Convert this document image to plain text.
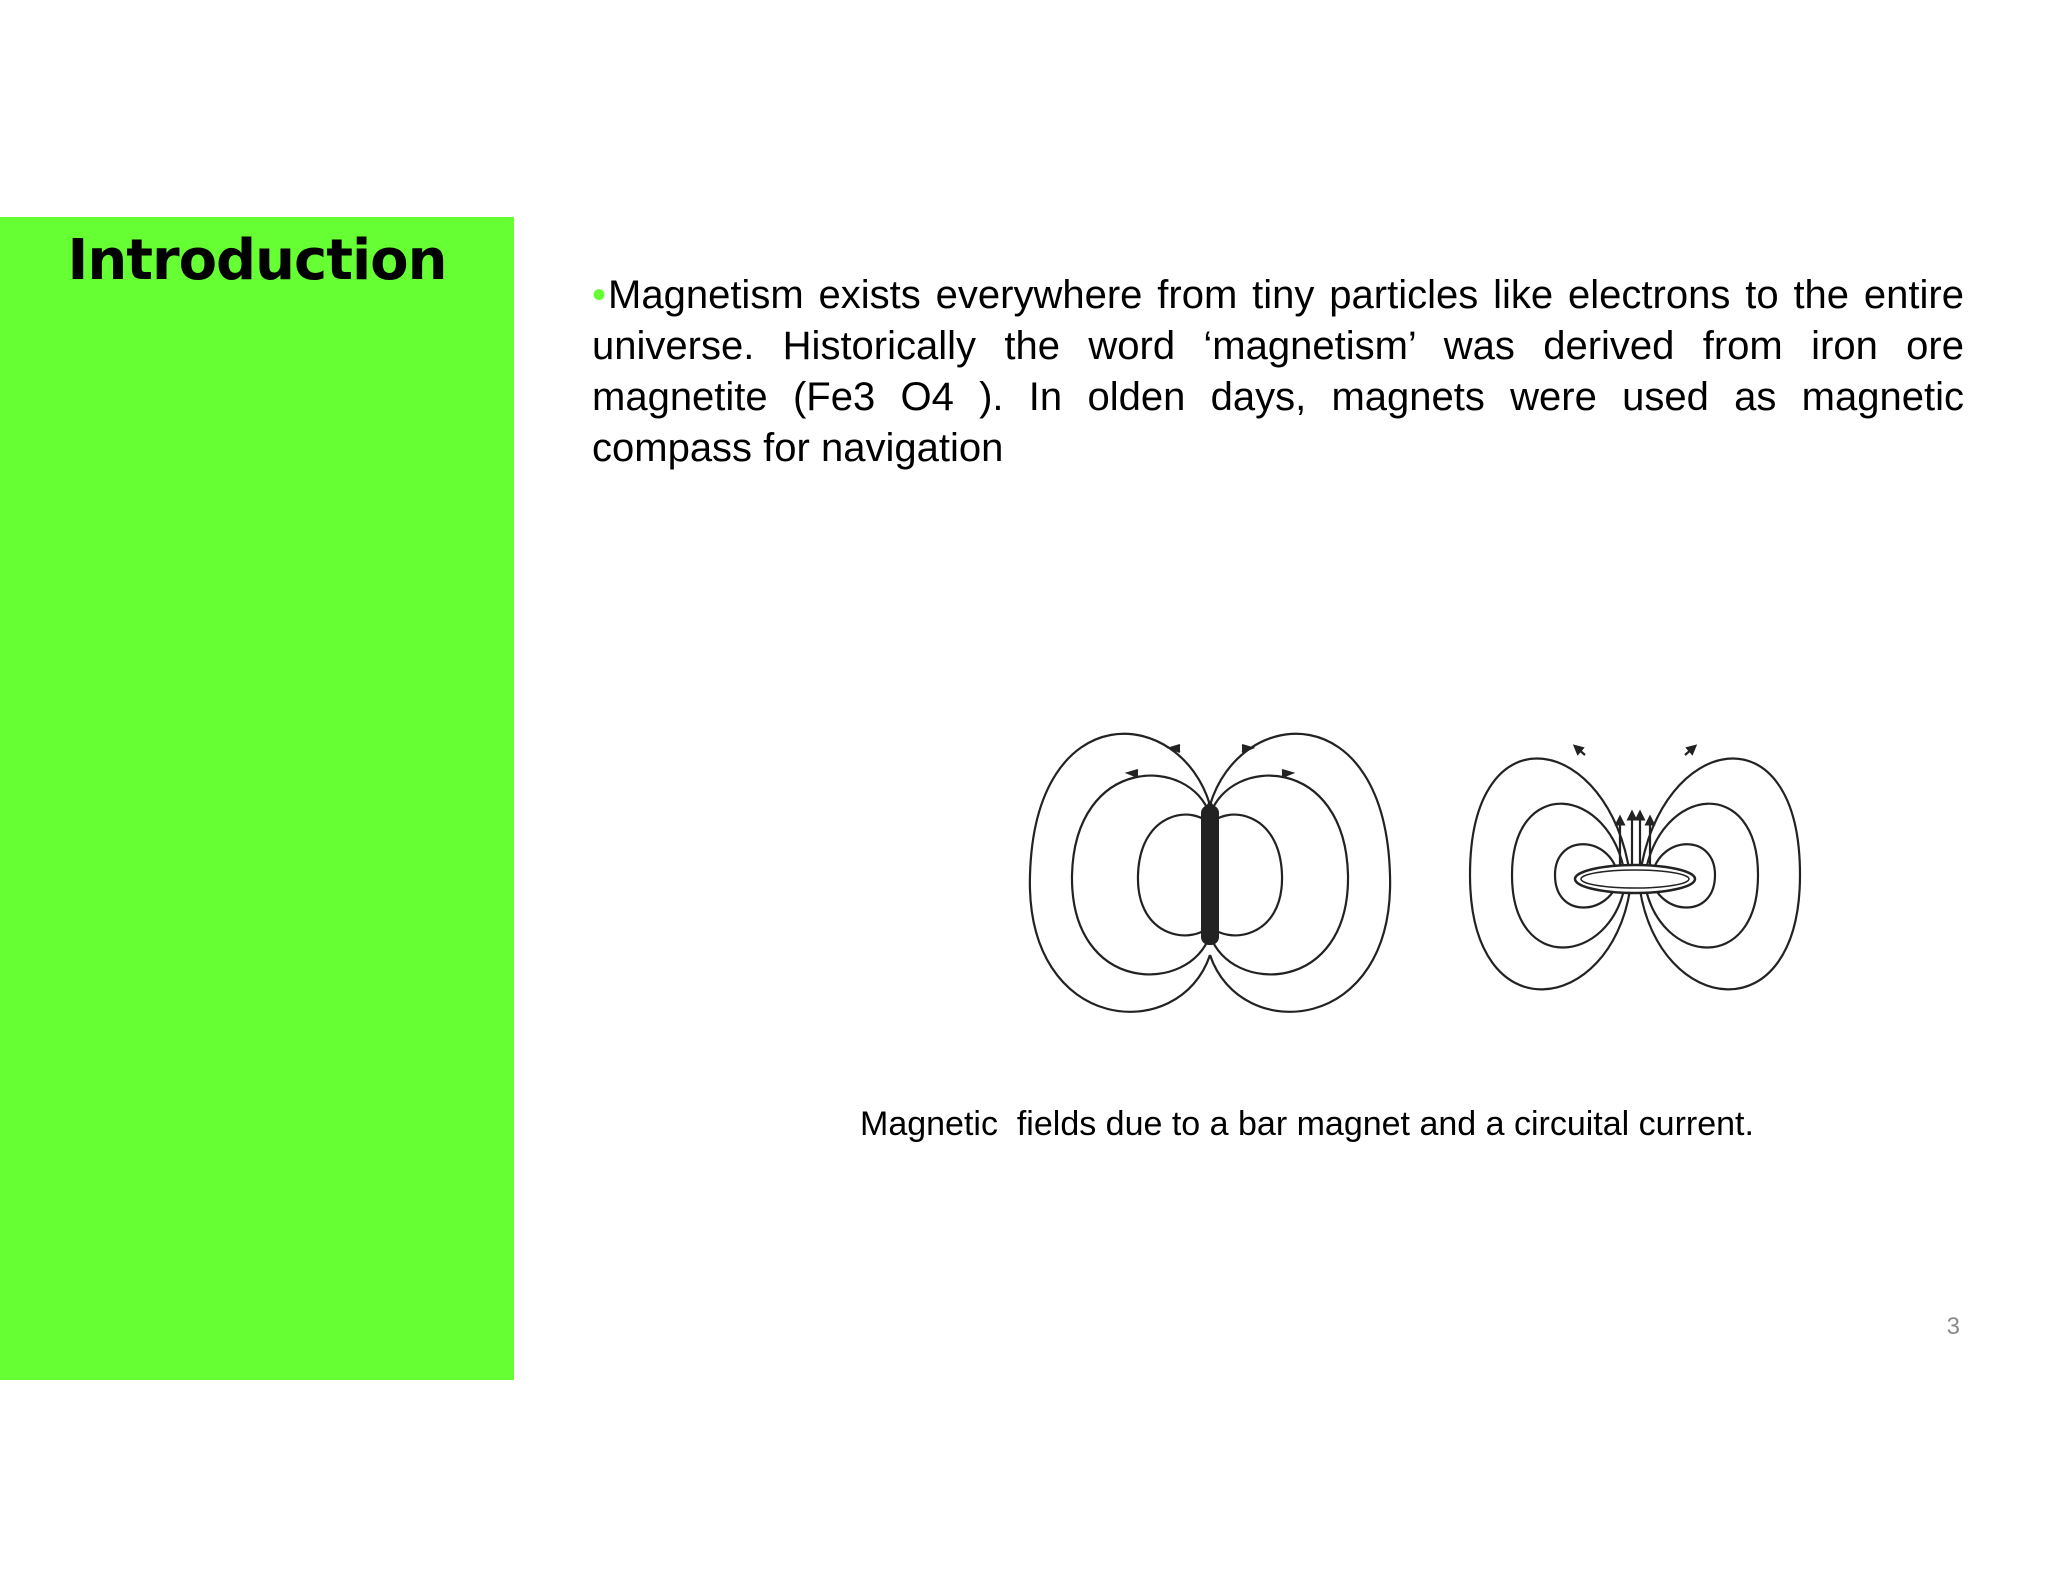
Introduction
•Magnetism exists everywhere from tiny particles like electrons to the entire universe. Historically the word ‘magnetism’ was derived from iron ore magnetite (Fe3 O4 ). In olden days, magnets were used as magnetic compass for navigation
Magnetic  fields due to a bar magnet and a circuital current.
3
